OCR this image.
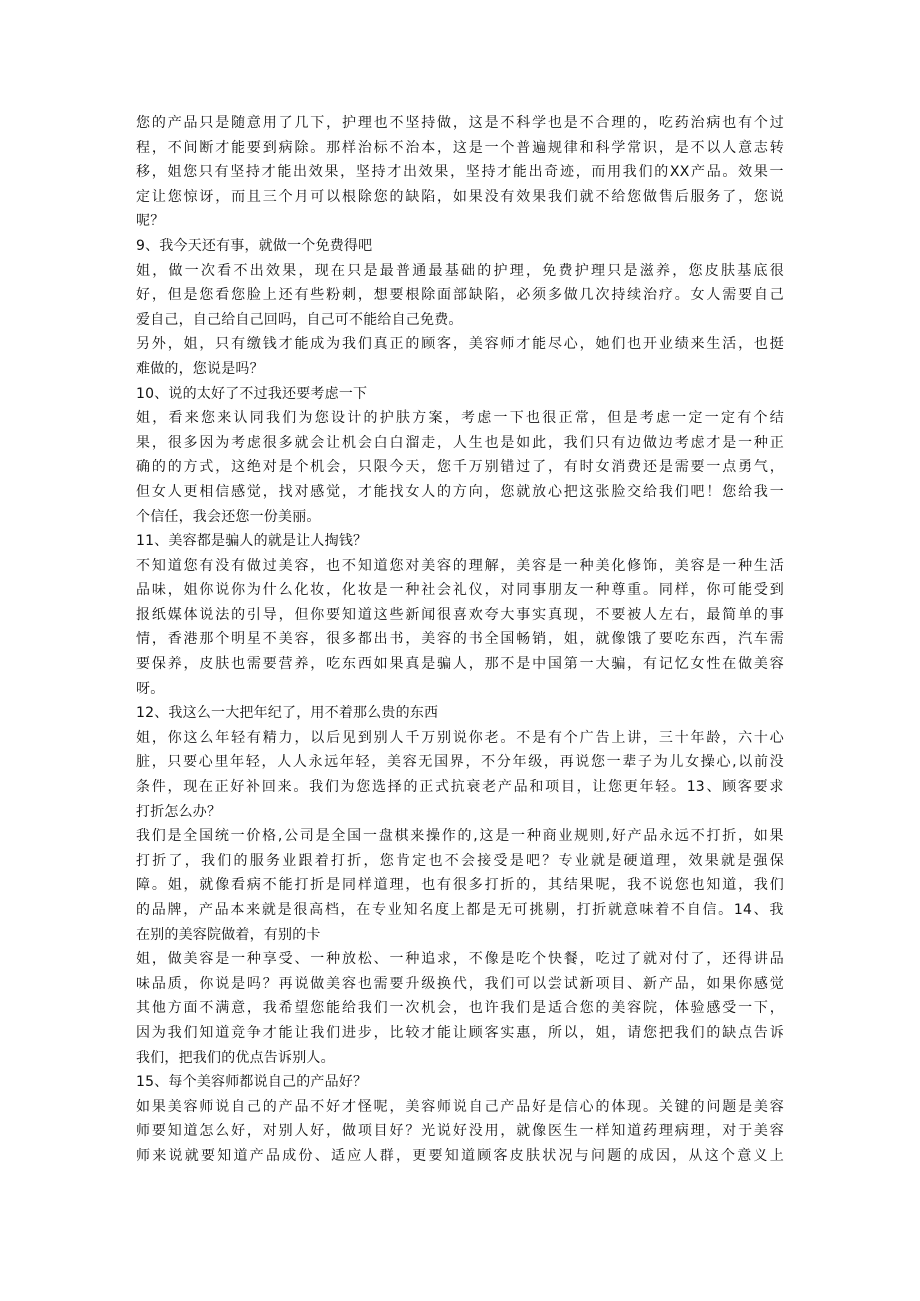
您 的 产 品 只 是 随 意 用 了 几 下 ， 护 理 也 不 坚 持 做 ， 这 是 不 科 学 也 是 不 合 理 的 ， 吃 药 治 病 也 有 个 过
程 ， 不 间 断 才 能 要 到 病 除 。 那 样 治 标 不 治 本 ， 这 是 一 个 普 遍 规 律 和 科 学 常 识 ， 是 不 以 人 意 志 转
移 ， 姐 您 只 有 坚 持 才 能 出 效 果 ， 坚 持 才 出 效 果 ， 坚 持 才 能 出 奇 迹 ， 而 用 我 们 的 XX 产 品 。 效 果 一
定 让 您 惊 讶 ， 而 且 三 个 月 可 以 根 除 您 的 缺 陷 ， 如 果 没 有 效 果 我 们 就 不 给 您 做 售 后 服 务 了 ， 您 说
呢？
9、我今天还有事，就做一个免费得吧
姐 ， 做 一 次 看 不 出 效 果 ， 现 在 只 是 最 普 通 最 基 础 的 护 理 ， 免 费 护 理 只 是 滋 养 ， 您 皮 肤 基 底 很
好 ， 但 是 您 看 您 脸 上 还 有 些 粉 刺 ， 想 要 根 除 面 部 缺 陷 ， 必 须 多 做 几 次 持 续 治 疗 。 女 人 需 要 自 己
爱自己，自己给自己回吗，自己可不能给自己免费。
另 外 ， 姐 ， 只 有 缴 钱 才 能 成 为 我 们 真 正 的 顾 客 ， 美 容 师 才 能 尽 心 ， 她 们 也 开 业 绩 来 生 活 ， 也 挺
难做的，您说是吗？
10、说的太好了不过我还要考虑一下
姐 ， 看 来 您 来 认 同 我 们 为 您 设 计 的 护 肤 方 案 ， 考 虑 一 下 也 很 正 常 ， 但 是 考 虑 一 定 一 定 有 个 结
果 ， 很 多 因 为 考 虑 很 多 就 会 让 机 会 白 白 溜 走 ， 人 生 也 是 如 此 ， 我 们 只 有 边 做 边 考 虑 才 是 一 种 正
确 的 的 方 式 ， 这 绝 对 是 个 机 会 ， 只 限 今 天 ， 您 千 万 别 错 过 了 ， 有 时 女 消 费 还 是 需 要 一 点 勇 气 ，
但 女 人 更 相 信 感 觉 ， 找 对 感 觉 ， 才 能 找 女 人 的 方 向 ， 您 就 放 心 把 这 张 脸 交 给 我 们 吧 ！ 您 给 我 一
个信任，我会还您一份美丽。
11、美容都是骗人的就是让人掏钱？
不 知 道 您 有 没 有 做 过 美 容 ， 也 不 知 道 您 对 美 容 的 理 解 ， 美 容 是 一 种 美 化 修 饰 ， 美 容 是 一 种 生 活
品 味 ， 姐 你 说 你 为 什 么 化 妆 ， 化 妆 是 一 种 社 会 礼 仪 ， 对 同 事 朋 友 一 种 尊 重 。 同 样 ， 你 可 能 受 到
报 纸 媒 体 说 法 的 引 导 ， 但 你 要 知 道 这 些 新 闻 很 喜 欢 夸 大 事 实 真 现 ， 不 要 被 人 左 右 ， 最 简 单 的 事
情 ， 香 港 那 个 明 星 不 美 容 ， 很 多 都 出 书 ， 美 容 的 书 全 国 畅 销 ， 姐 ， 就 像 饿 了 要 吃 东 西 ， 汽 车 需
要 保 养 ， 皮 肤 也 需 要 营 养 ， 吃 东 西 如 果 真 是 骗 人 ， 那 不 是 中 国 第 一 大 骗 ， 有 记 忆 女 性 在 做 美 容
呀。
12、我这么一大把年纪了，用不着那么贵的东西
姐 ， 你 这 么 年 轻 有 精 力 ， 以 后 见 到 别 人 千 万 别 说 你 老 。 不 是 有 个 广 告 上 讲 ， 三 十 年 龄 ， 六 十 心
脏 ， 只 要 心 里 年 轻 ， 人 人 永 远 年 轻 ， 美 容 无 国 界 ， 不 分 年 级 ， 再 说 您 一 辈 子 为 儿 女 操 心 , 以 前 没
条 件 ， 现 在 正 好 补 回 来 。 我 们 为 您 选 择 的 正 式 抗 衰 老 产 品 和 项 目 ， 让 您 更 年 轻 。 13 、 顾 客 要 求
打折怎么办？
我 们 是 全 国 统 一 价 格 , 公 司 是 全 国 一 盘 棋 来 操 作 的 , 这 是 一 种 商 业 规 则 , 好 产 品 永 远 不 打 折 ， 如 果
打 折 了 ， 我 们 的 服 务 业 跟 着 打 折 ， 您 肯 定 也 不 会 接 受 是 吧 ？ 专 业 就 是 硬 道 理 ， 效 果 就 是 强 保
障 。 姐 ， 就 像 看 病 不 能 打 折 是 同 样 道 理 ， 也 有 很 多 打 折 的 ， 其 结 果 呢 ， 我 不 说 您 也 知 道 ， 我 们
的 品 牌 ， 产 品 本 来 就 是 很 高 档 ， 在 专 业 知 名 度 上 都 是 无 可 挑 剔 ， 打 折 就 意 味 着 不 自 信 。 14 、 我
在别的美容院做着，有别的卡
姐 ， 做 美 容 是 一 种 享 受 、 一 种 放 松 、 一 种 追 求 ， 不 像 是 吃 个 快 餐 ， 吃 过 了 就 对 付 了 ， 还 得 讲 品
味 品 质 ， 你 说 是 吗 ？ 再 说 做 美 容 也 需 要 升 级 换 代 ， 我 们 可 以 尝 试 新 项 目 、 新 产 品 ， 如 果 你 感 觉
其 他 方 面 不 满 意 ， 我 希 望 您 能 给 我 们 一 次 机 会 ， 也 许 我 们 是 适 合 您 的 美 容 院 ， 体 验 感 受 一 下 ，
因 为 我 们 知 道 竞 争 才 能 让 我 们 进 步 ， 比 较 才 能 让 顾 客 实 惠 ， 所 以 ， 姐 ， 请 您 把 我 们 的 缺 点 告 诉
我们，把我们的优点告诉别人。
15、每个美容师都说自己的产品好？
如 果 美 容 师 说 自 己 的 产 品 不 好 才 怪 呢 ， 美 容 师 说 自 己 产 品 好 是 信 心 的 体 现 。 关 键 的 问 题 是 美 容
师 要 知 道 怎 么 好 ， 对 别 人 好 ， 做 项 目 好 ？ 光 说 好 没 用 ， 就 像 医 生 一 样 知 道 药 理 病 理 ， 对 于 美 容
师 来 说 就 要 知 道 产 品 成 份 、 适 应 人 群 ， 更 要 知 道 顾 客 皮 肤 状 况 与 问 题 的 成 因 ， 从 这 个 意 义 上
